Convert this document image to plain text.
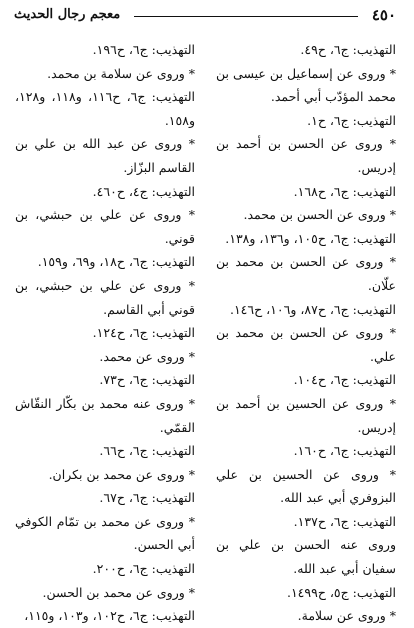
٤٥٠
معجم رجال الحديث
التهذيب: ج٦، ح٤٩.
* وروى عن إسماعيل بن عيسى بن محمد المؤدّب أبي أحمد.
التهذيب: ج٦، ح١.
* وروى عن الحسن بن أحمد بن إدريس.
التهذيب: ج٦، ح١٦٨.
* وروى عن الحسن بن محمد.
التهذيب: ج٦، ح١٠٥، و١٣٦، و١٣٨.
* وروى عن الحسن بن محمد بن علّان.
التهذيب: ج٦، ح٨٧، و١٠٦، ح١٤٦.
* وروى عن الحسن بن محمد بن علي.
التهذيب: ج٦، ح١٠٤.
* وروى عن الحسين بن أحمد بن إدريس.
التهذيب: ج٦، ح١٦٠.
* وروى عن الحسين بن علي البزوفري أبي عبد الله.
التهذيب: ج٦، ح١٣٧.
وروى عنه الحسن بن علي بن سفيان أبي عبد الله.
التهذيب: ج٥، ح١٤٩٩.
* وروى عن سلامة.
التهذيب: ج٦، ح١٩٦.
* وروى عن سلامة بن محمد.
التهذيب: ج٦، ح١١٦، و١١٨، و١٢٨، و١٥٨.
* وروى عن عبد الله بن علي بن القاسم البزّاز.
التهذيب: ج٤، ح٤٦٠.
* وروى عن علي بن حبشي، بن قوني.
التهذيب: ج٦، ح١٨، و٦٩، و١٥٩.
* وروى عن علي بن حبشي، بن قوني أبي القاسم.
التهذيب: ج٦، ح١٢٤.
* وروى عن محمد.
التهذيب: ج٦، ح٧٣.
* وروى عنه محمد بن بكّار النقّاش القمّي.
التهذيب: ج٦، ح٦٦.
* وروى عن محمد بن بكران.
التهذيب: ج٦، ح٦٧.
* وروى عن محمد بن تمّام الكوفي أبي الحسن.
التهذيب: ج٦، ح٢٠٠.
* وروى عن محمد بن الحسن.
التهذيب: ج٦، ح١٠٢، و١٠٣، و١١٥،
